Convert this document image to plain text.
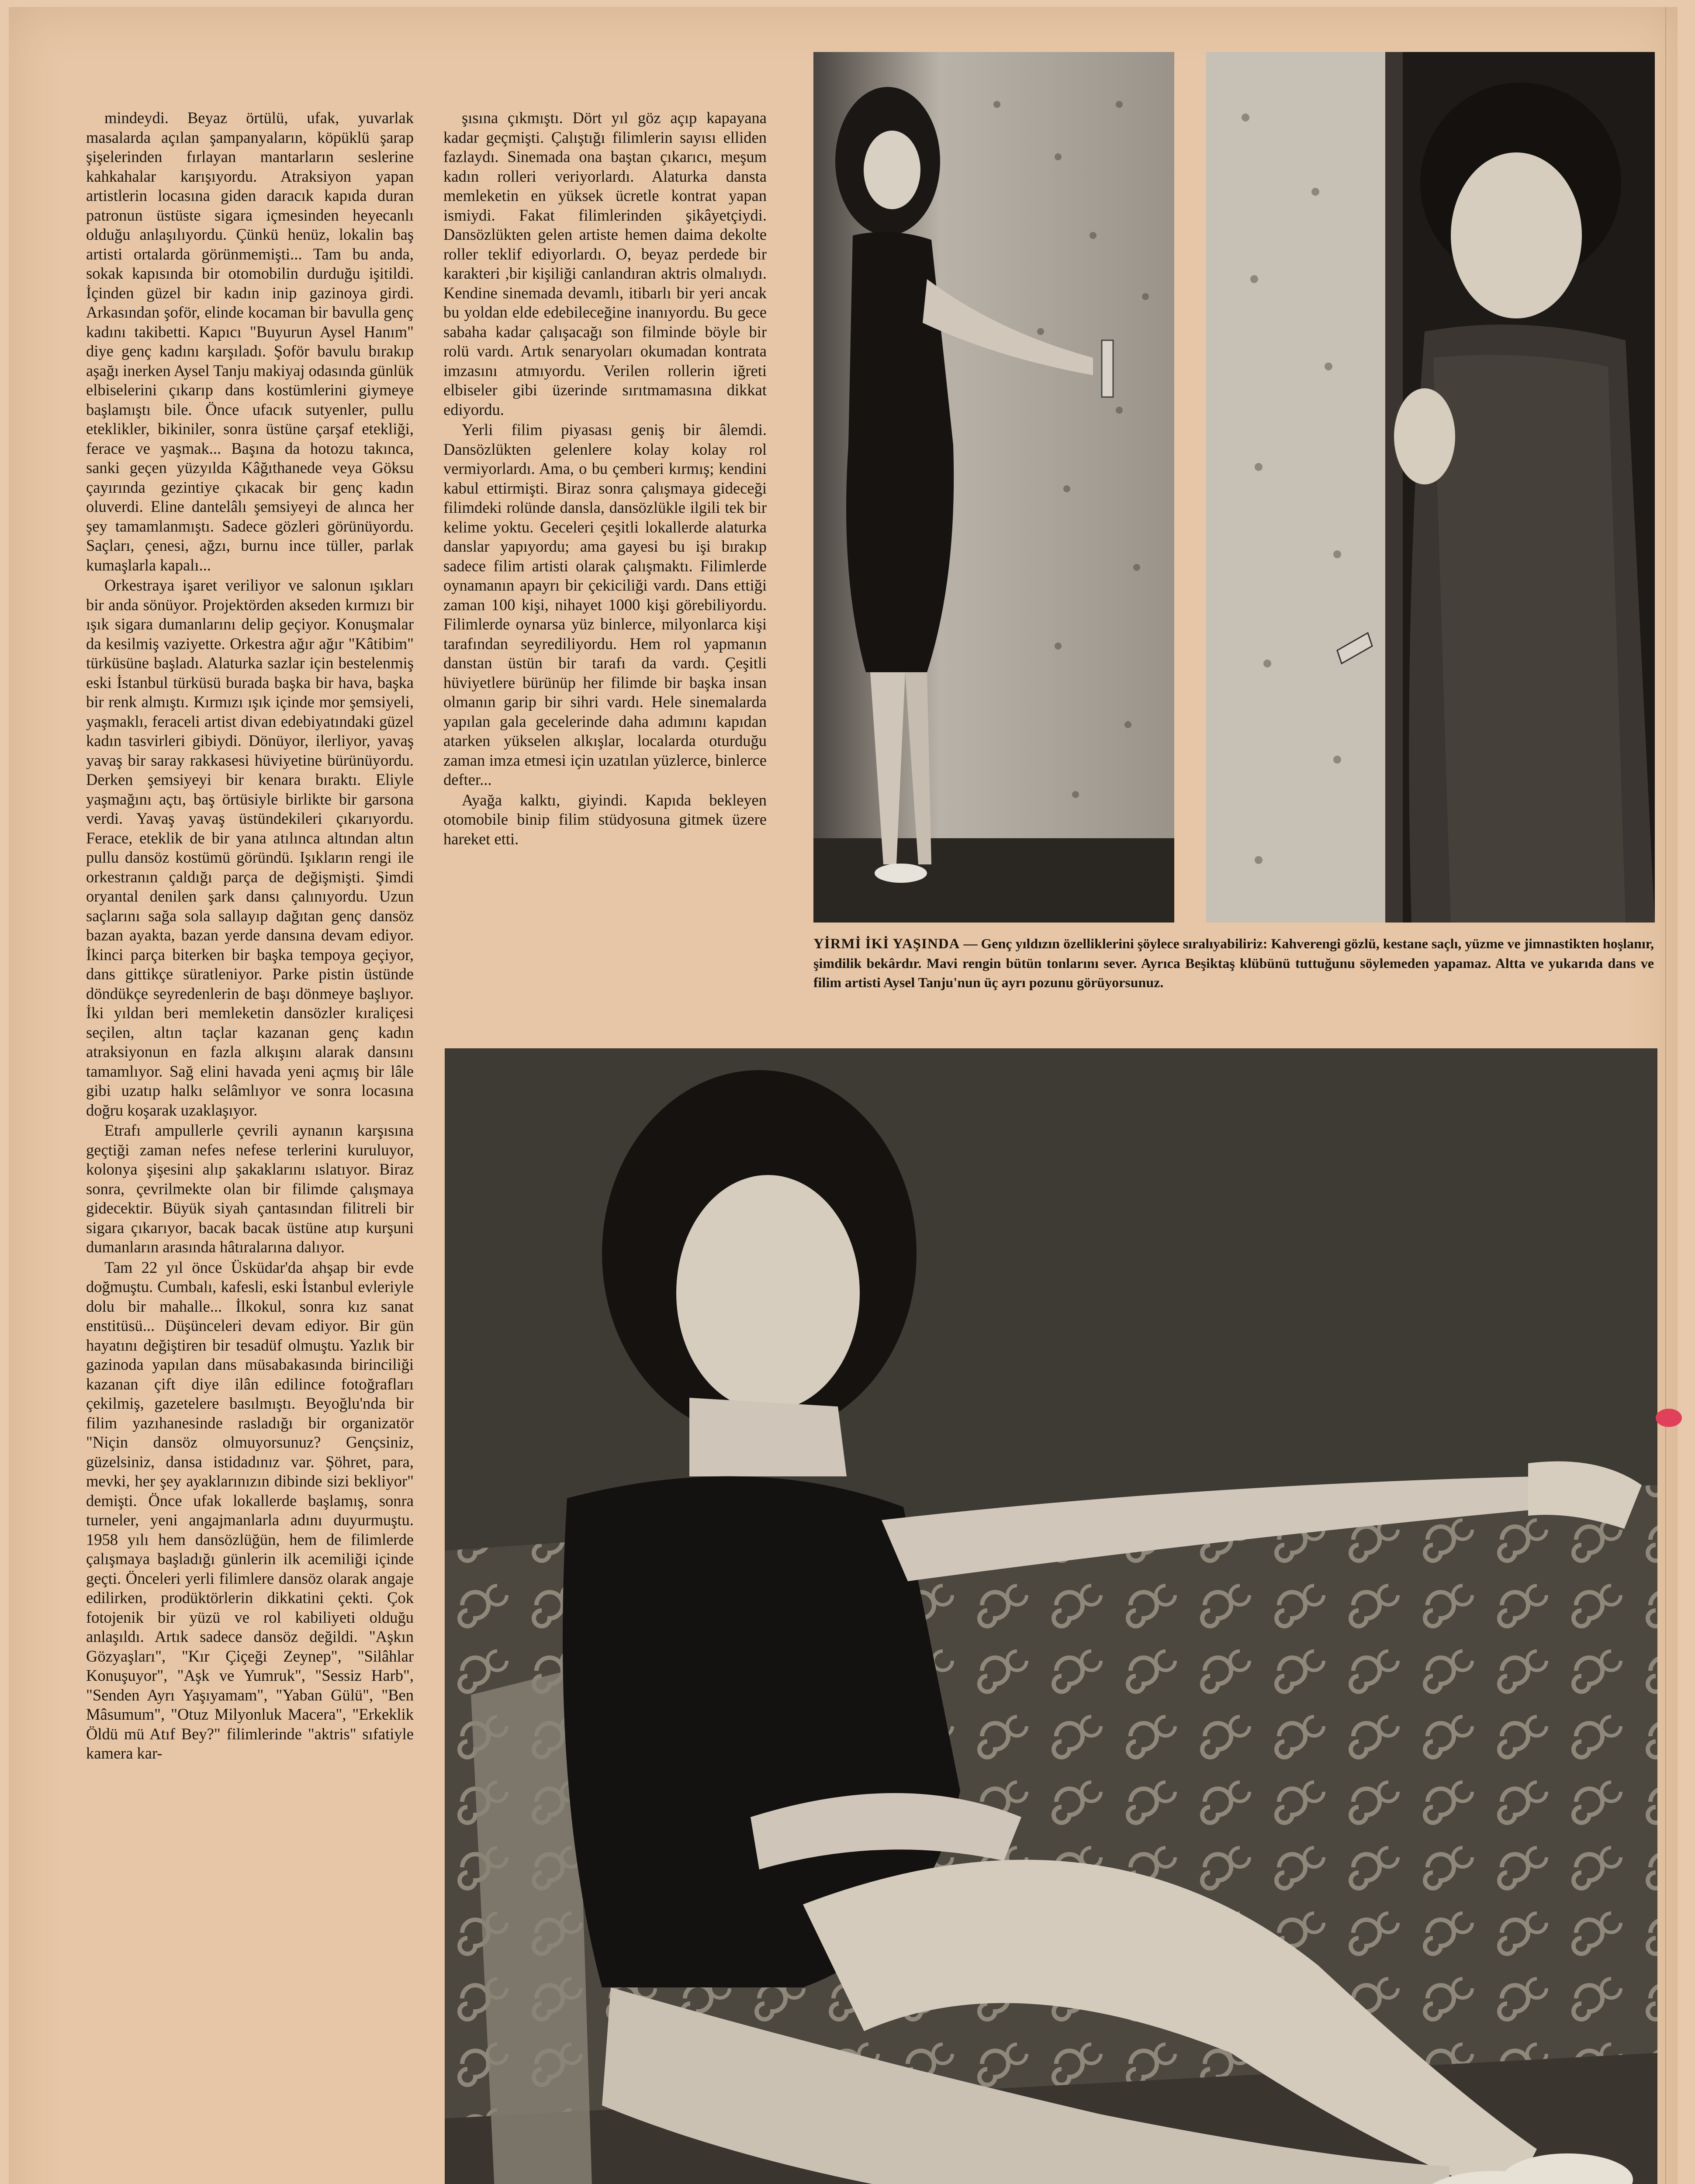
mindeydi. Beyaz örtülü, ufak, yuvarlak masalarda açılan şampanyaların, köpüklü şarap şişelerinden fırlayan mantarların seslerine kahkahalar karışıyordu. Atraksiyon yapan artistlerin locasına giden daracık kapıda duran patronun üstüste sigara içmesinden heyecanlı olduğu anlaşılıyordu. Çünkü henüz, lokalin baş artisti ortalarda görünmemişti... Tam bu anda, sokak kapısında bir otomobilin durduğu işitildi. İçinden güzel bir kadın inip gazinoya girdi. Arkasından şoför, elinde kocaman bir bavulla genç kadını takibetti. Kapıcı "Buyurun Aysel Hanım" diye genç kadını karşıladı. Şoför bavulu bırakıp aşağı inerken Aysel Tanju makiyaj odasında günlük elbiselerini çıkarıp dans kostümlerini giymeye başlamıştı bile. Önce ufacık sutyenler, pullu eteklikler, bikiniler, sonra üstüne çarşaf etekliği, ferace ve yaşmak... Başına da hotozu takınca, sanki geçen yüzyılda Kâğıthanede veya Göksu çayırında gezintiye çıkacak bir genç kadın oluverdi. Eline dantelâlı şemsiyeyi de alınca her şey tamamlanmıştı. Sadece gözleri görünüyordu. Saçları, çenesi, ağzı, burnu ince tüller, parlak kumaşlarla kapalı...

Orkestraya işaret veriliyor ve salonun ışıkları bir anda sönüyor. Projektörden akseden kırmızı bir ışık sigara dumanlarını delip geçiyor. Konuşmalar da kesilmiş vaziyette. Orkestra ağır ağır "Kâtibim" türküsüne başladı. Alaturka sazlar için bestelenmiş eski İstanbul türküsü burada başka bir hava, başka bir renk almıştı. Kırmızı ışık içinde mor şemsiyeli, yaşmaklı, feraceli artist divan edebiyatındaki güzel kadın tasvirleri gibiydi. Dönüyor, ilerliyor, yavaş yavaş bir saray rakkasesi hüviyetine bürünüyordu. Derken şemsiyeyi bir kenara bıraktı. Eliyle yaşmağını açtı, baş örtüsiyle birlikte bir garsona verdi. Yavaş yavaş üstündekileri çıkarıyordu. Ferace, eteklik de bir yana atılınca altından altın pullu dansöz kostümü göründü. Işıkların rengi ile orkestranın çaldığı parça de değişmişti. Şimdi oryantal denilen şark dansı çalınıyordu. Uzun saçlarını sağa sola sallayıp dağıtan genç dansöz bazan ayakta, bazan yerde dansına devam ediyor. İkinci parça biterken bir başka tempoya geçiyor, dans gittikçe süratleniyor. Parke pistin üstünde döndükçe seyredenlerin de başı dönmeye başlıyor. İki yıldan beri memleketin dansözler kıraliçesi seçilen, altın taçlar kazanan genç kadın atraksiyonun en fazla alkışını alarak dansını tamamlıyor. Sağ elini havada yeni açmış bir lâle gibi uzatıp halkı selâmlıyor ve sonra locasına doğru koşarak uzaklaşıyor.

Etrafı ampullerle çevrili aynanın karşısına geçtiği zaman nefes nefese terlerini kuruluyor, kolonya şişesini alıp şakaklarını ıslatıyor. Biraz sonra, çevrilmekte olan bir filimde çalışmaya gidecektir. Büyük siyah çantasından filitreli bir sigara çıkarıyor, bacak bacak üstüne atıp kurşuni dumanların arasında hâtıralarına dalıyor.

Tam 22 yıl önce Üsküdar'da ahşap bir evde doğmuştu. Cumbalı, kafesli, eski İstanbul evleriyle dolu bir mahalle... İlkokul, sonra kız sanat enstitüsü... Düşünceleri devam ediyor. Bir gün hayatını değiştiren bir tesadüf olmuştu. Yazlık bir gazinoda yapılan dans müsabakasında birinciliği kazanan çift diye ilân edilince fotoğrafları çekilmiş, gazetelere basılmıştı. Beyoğlu'nda bir filim yazıhanesinde rasladığı bir organizatör "Niçin dansöz olmuyorsunuz? Gençsiniz, güzelsiniz, dansa istidadınız var. Şöhret, para, mevki, her şey ayaklarınızın dibinde sizi bekliyor" demişti. Önce ufak lokallerde başlamış, sonra turneler, yeni angajmanlarla adını duyurmuştu. 1958 yılı hem dansözlüğün, hem de filimlerde çalışmaya başladığı günlerin ilk acemiliği içinde geçti. Önceleri yerli filimlere dansöz olarak angaje edilirken, prodüktörlerin dikkatini çekti. Çok fotojenik bir yüzü ve rol kabiliyeti olduğu anlaşıldı. Artık sadece dansöz değildi. "Aşkın Gözyaşları", "Kır Çiçeği Zeynep", "Silâhlar Konuşuyor", "Aşk ve Yumruk", "Sessiz Harb", "Senden Ayrı Yaşıyamam", "Yaban Gülü", "Ben Mâsumum", "Otuz Milyonluk Macera", "Erkeklik Öldü mü Atıf Bey?" filimlerinde "aktris" sıfatiyle kamera kar-

şısına çıkmıştı. Dört yıl göz açıp kapayana kadar geçmişti. Çalıştığı filimlerin sayısı elliden fazlaydı. Sinemada ona baştan çıkarıcı, meşum kadın rolleri veriyorlardı. Alaturka dansta memleketin en yüksek ücretle kontrat yapan ismiydi. Fakat filimlerinden şikâyetçiydi. Dansözlükten gelen artiste hemen daima dekolte roller teklif ediyorlardı. O, beyaz perdede bir karakteri ,bir kişiliği canlandıran aktris olmalıydı. Kendine sinemada devamlı, itibarlı bir yeri ancak bu yoldan elde edebileceğine inanıyordu. Bu gece sabaha kadar çalışacağı son filminde böyle bir rolü vardı. Artık senaryoları okumadan kontrata imzasını atmıyordu. Verilen rollerin iğreti elbiseler gibi üzerinde sırıtmamasına dikkat ediyordu.

Yerli filim piyasası geniş bir âlemdi. Dansözlükten gelenlere kolay kolay rol vermiyorlardı. Ama, o bu çemberi kırmış; kendini kabul ettirmişti. Biraz sonra çalışmaya gideceği filimdeki rolünde dansla, dansözlükle ilgili tek bir kelime yoktu. Geceleri çeşitli lokallerde alaturka danslar yapıyordu; ama gayesi bu işi bırakıp sadece filim artisti olarak çalışmaktı. Filimlerde oynamanın apayrı bir çekiciliği vardı. Dans ettiği zaman 100 kişi, nihayet 1000 kişi görebiliyordu. Filimlerde oynarsa yüz binlerce, milyonlarca kişi tarafından seyrediliyordu. Hem rol yapmanın danstan üstün bir tarafı da vardı. Çeşitli hüviyetlere bürünüp her filimde bir başka insan olmanın garip bir sihri vardı. Hele sinemalarda yapılan gala gecelerinde daha adımını kapıdan atarken yükselen alkışlar, localarda oturduğu zaman imza etmesi için uzatılan yüzlerce, binlerce defter...

Ayağa kalktı, giyindi. Kapıda bekleyen otomobile binip filim stüdyosuna gitmek üzere hareket etti.

YİRMİ İKİ YAŞINDA — Genç yıldızın özelliklerini şöylece sıralıyabiliriz: Kahverengi gözlü, kestane saçlı, yüzme ve jimnastikten hoşlanır, şimdilik bekârdır. Mavi rengin bütün tonlarını sever. Ayrıca Beşiktaş klübünü tuttuğunu söylemeden yapamaz. Altta ve yukarıda dans ve filim artisti Aysel Tanju'nun üç ayrı pozunu görüyorsunuz.
